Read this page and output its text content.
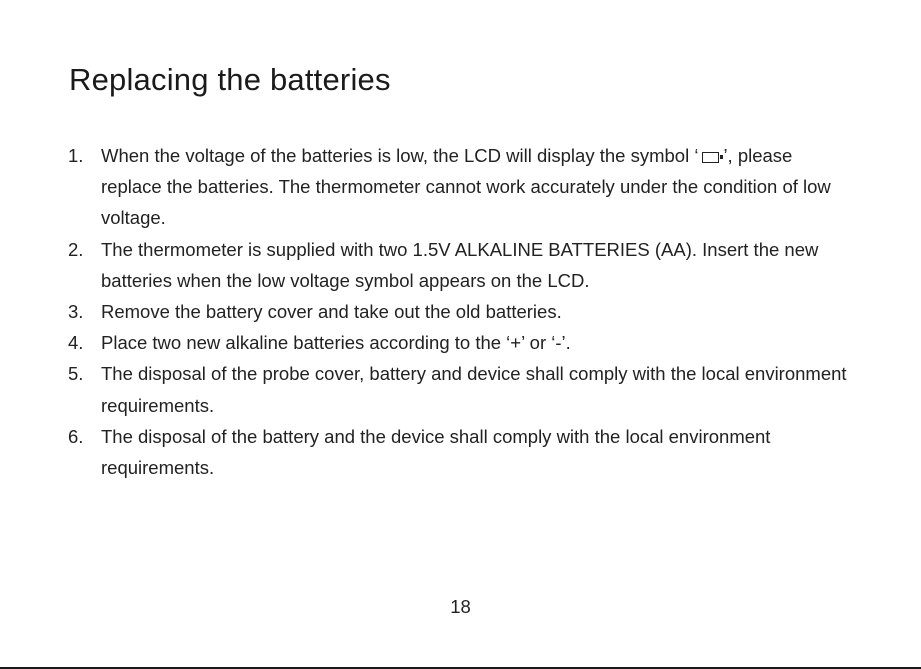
Replacing the batteries
1. When the voltage of the batteries is low, the LCD will display the symbol ‘ ’, please replace the batteries. The thermometer cannot work accurately under the condition of low voltage.
2. The thermometer is supplied with two 1.5V ALKALINE BATTERIES (AA). Insert the new batteries when the low voltage symbol appears on the LCD.
3. Remove the battery cover and take out the old batteries.
4. Place two new alkaline batteries according to the ‘+’ or ‘-’.
5. The disposal of the probe cover, battery and device shall comply with the local environment requirements.
6. The disposal of the battery and the device shall comply with the local environment requirements.
18
